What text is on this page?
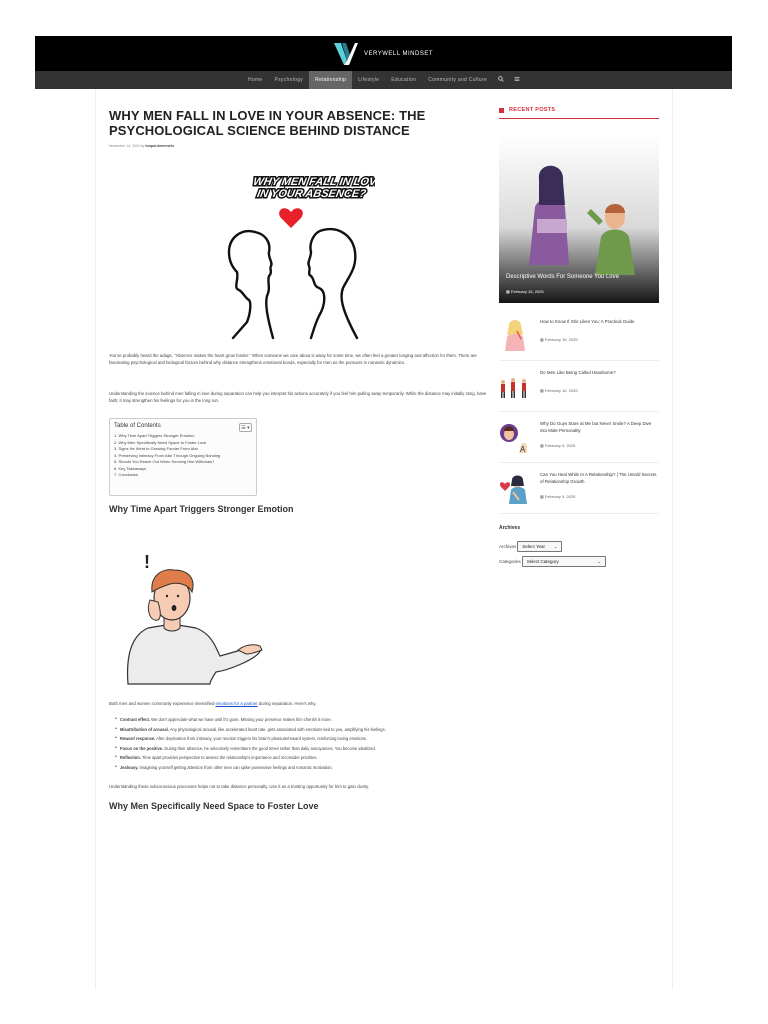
VERYWELL MINDSET
Home	Psychology	Relationship	Lifestyle	Education	Community and Culture
WHY MEN FALL IN LOVE IN YOUR ABSENCE: THE PSYCHOLOGICAL SCIENCE BEHIND DISTANCE
November 14, 2024 by funpol.deneesels
WHY MEN FALL IN LOVE
IN YOUR ABSENCE?
You've probably heard the adage, "Absence makes the heart grow fonder." When someone we care about is away for some time, we often feel a greater longing and affection for them. There are fascinating psychological and biological factors behind why distance strengthens emotional bonds, especially for men as the pursuers in romantic dynamics.
Understanding the science behind men falling in love during separation can help you interpret his actions accurately if you feel him pulling away temporarily. While the distance may initially sting, have faith; it may strengthen his feelings for you in the long run.
Table of Contents	☰ ▾
1. Why Time Apart Triggers Stronger Emotion
2. Why Men Specifically Need Space to Foster Love
3. Signs He Went to Growing Fonder From Afar
4. Preserving Intimacy From Afar Through Ongoing Bonding
5. Should You Reach Out When Sensing Him Withdraw?
6. Key Takeaways
7. Conclusion
Why Time Apart Triggers Stronger Emotion
!
Both men and women commonly experience intensified emotions for a partner during separation. Here's why.
• Contrast effect. We don't appreciate what we have until it's gone. Missing your presence makes him cherish it more.
• Misattribution of arousal. Any physiological arousal, like accelerated heart rate, gets associated with emotions tied to you, amplifying his feelings.
• Reward response. After deprivation from intimacy, your reunion triggers his brain's pleasure/reward system, reinforcing loving emotions.
• Focus on the positive. During their absence, he selectively remembers the good times rather than daily annoyances. You become idealized.
• Reflection. Time apart provides perspective to assess the relationship's importance and reconsider priorities.
• Jealousy. Imagining yourself getting attention from other men can spike possessive feelings and romantic motivation.
Understanding these subconscious processes helps not to take distance personally. Use it as a trusting opportunity for him to gain clarity.
Why Men Specifically Need Space to Foster Love
RECENT POSTS
Descriptive Words For Someone You Love
▦ February 16, 2025
How to Know If She Likes You: A Practical Guide
▦ February 16, 2025
Do Men Like Being Called Handsome?
▦ February 16, 2025
A
Why Do Guys Stare at Me but Never Smile? A Deep Dive into Male Personality
▦ February 9, 2025
Can You Heal While In A Relationship? | The Untold Secrets of Relationship Growth
▦ February 9, 2025
Archives
Archives	Select Year ⌄
Categories	Select Category	⌄
